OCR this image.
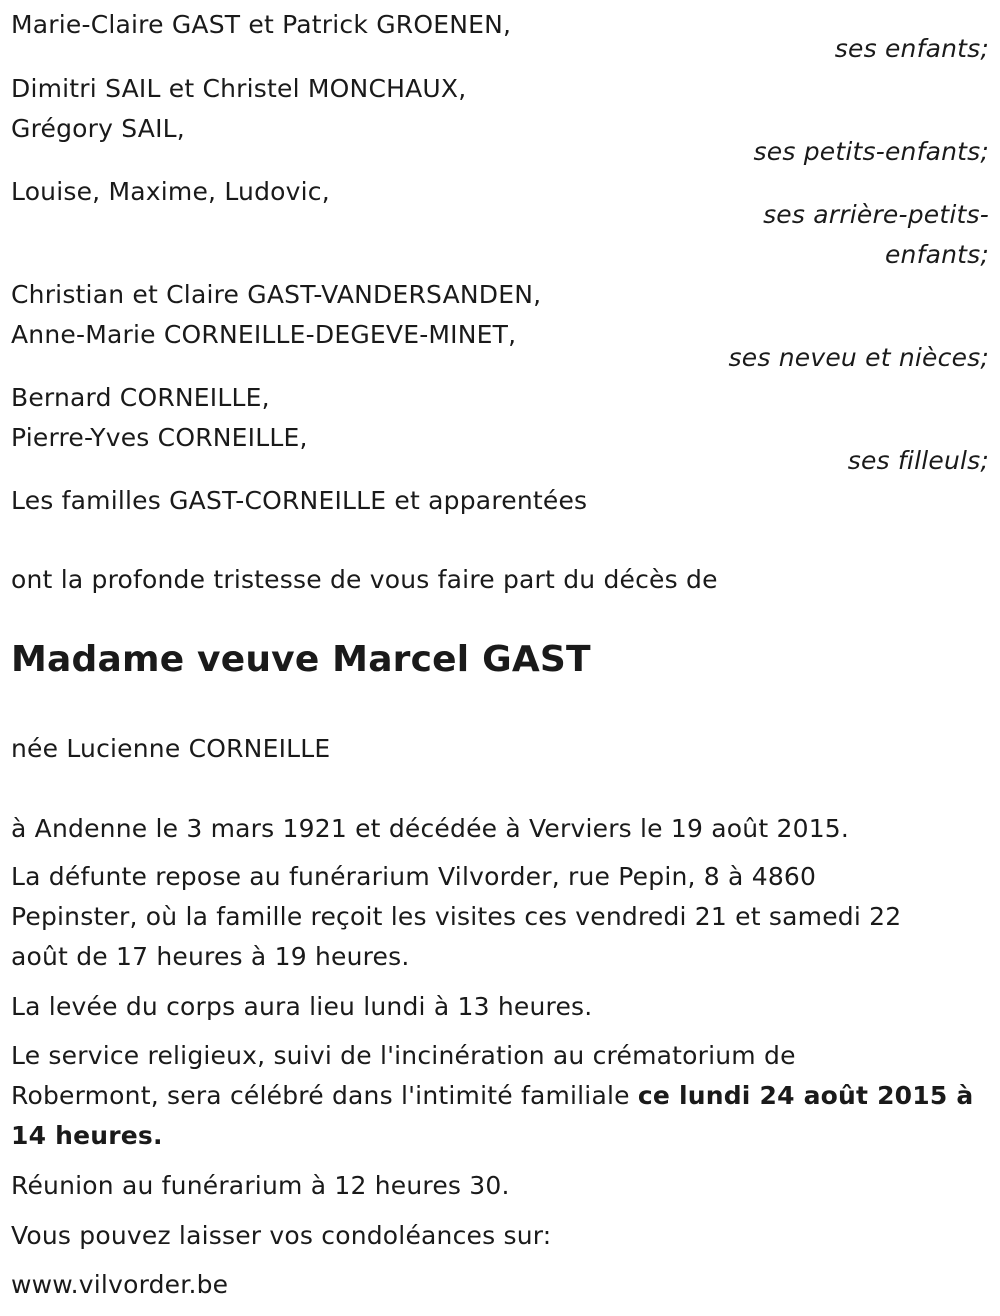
Marie-Claire GAST et Patrick GROENEN,
ses enfants;
Dimitri SAIL et Christel MONCHAUX,
Grégory SAIL,
ses petits-enfants;
Louise, Maxime, Ludovic,
ses arrière-petits-
enfants;
Christian et Claire GAST-VANDERSANDEN,
Anne-Marie CORNEILLE-DEGEVE-MINET,
ses neveu et nièces;
Bernard CORNEILLE,
Pierre-Yves CORNEILLE,
ses filleuls;
Les familles GAST-CORNEILLE et apparentées
ont la profonde tristesse de vous faire part du décès de
Madame veuve Marcel GAST
née Lucienne CORNEILLE
à Andenne le 3 mars 1921 et décédée à Verviers le 19 août 2015.
La défunte repose au funérarium Vilvorder, rue Pepin, 8 à 4860
Pepinster, où la famille reçoit les visites ces vendredi 21 et samedi 22
août de 17 heures à 19 heures.
La levée du corps aura lieu lundi à 13 heures.
Le service religieux, suivi de l'incinération au crématorium de
Robermont, sera célébré dans l'intimité familiale ce lundi 24 août 2015 à
14 heures.
Réunion au funérarium à 12 heures 30.
Vous pouvez laisser vos condoléances sur:
www.vilvorder.be
